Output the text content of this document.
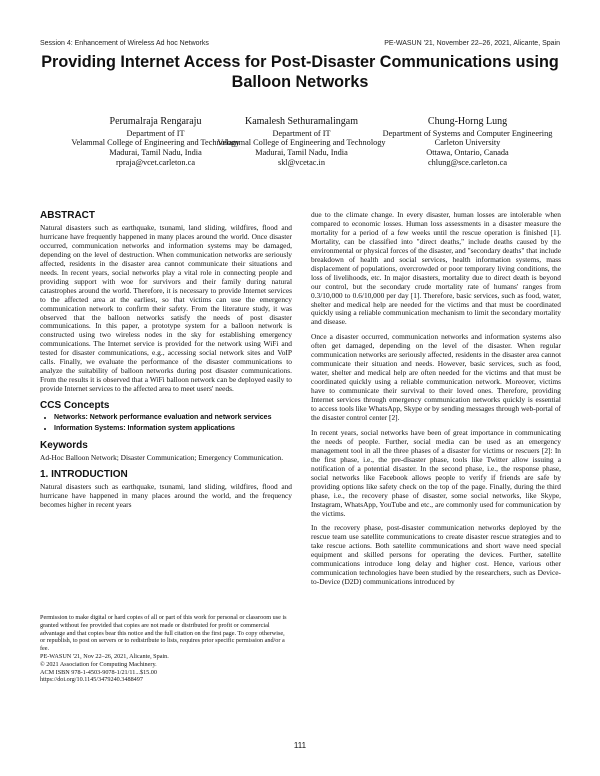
Session 4: Enhancement of Wireless Ad hoc Networks	PE-WASUN '21, November 22–26, 2021, Alicante, Spain
Providing Internet Access for Post-Disaster Communications using Balloon Networks
Perumalraja Rengaraju
Department of IT
Velammal College of Engineering and Technology
Madurai, Tamil Nadu, India
rpraja@vcet.carleton.ca
Kamalesh Sethuramalingam
Department of IT
Velammal College of Engineering and Technology
Madurai, Tamil Nadu, India
skl@vcetac.in
Chung-Horng Lung
Department of Systems and Computer Engineering
Carleton University
Ottawa, Ontario, Canada
chlung@sce.carleton.ca
ABSTRACT

Natural disasters such as earthquake, tsunami, land sliding, wildfires, flood and hurricane have frequently happened in many places around the world. Once disaster occurred, communication networks and information systems may be damaged, depending on the level of destruction. When communication networks are seriously affected, residents in the disaster area cannot communicate their situations and needs. In recent years, social networks play a vital role in connecting people and providing support with woe for survivors and their family during natural catastrophes around the world. Therefore, it is necessary to provide Internet services to the affected area at the earliest, so that victims can use the emergency communication network to confirm their safety. From the literature study, it was observed that the balloon networks satisfy the needs of post disaster communications. In this paper, a prototype system for a balloon network is constructed using two wireless nodes in the sky for establishing emergency communications. The Internet service is provided for the network using WiFi and tested for disaster communications, e.g., accessing social network sites and VoIP calls. Finally, we evaluate the performance of the disaster communications to analyze the suitability of balloon networks during post disaster communications. From the results it is observed that a WiFi balloon network can be deployed easily to provide Internet services to the affected area to meet users' needs.

CCS Concepts
• Networks: Network performance evaluation and network services
• Information Systems: Information system applications
Keywords

Ad-Hoc Balloon Network; Disaster Communication; Emergency Communication.

1. INTRODUCTION

Natural disasters such as earthquake, tsunami, land sliding, wildfires, flood and hurricane have happened in many places around the world, and the frequency becomes higher in recent years

Permission to make digital or hard copies of all or part of this work for personal or classroom use is granted without fee provided that copies are not made or distributed for profit or commercial advantage and that copies bear this notice and the full citation on the first page. To copy otherwise, or republish, to post on servers or to redistribute to lists, requires prior specific permission and/or a fee.
PE-WASUN '21, Nov 22–26, 2021, Alicante, Spain.
© 2021 Association for Computing Machinery.
ACM ISBN 978-1-4503-9078-1/21/11...$15.00
https://doi.org/10.1145/3479240.3488497

due to the climate change. In every disaster, human losses are intolerable when compared to economic losses. Human loss assessments in a disaster measure the mortality for a period of a few weeks until the rescue operation is finished [1]. Mortality, can be classified into "direct deaths," include deaths caused by the environmental or physical forces of the disaster, and "secondary deaths" that include breakdown of health and social services, health information systems, mass displacement of populations, overcrowded or poor temporary living conditions, the loss of livelihoods, etc. In major disasters, mortality due to direct death is beyond our control, but the secondary crude mortality rate of humans' ranges from 0.3/10,000 to 0.6/10,000 per day [1]. Therefore, basic services, such as food, water, shelter and medical help are needed for the victims and that must be coordinated quickly using a reliable communication mechanism to limit the secondary mortality and disease.

Once a disaster occurred, communication networks and information systems also often get damaged, depending on the level of the disaster. When regular communication networks are seriously affected, residents in the disaster area cannot communicate their situation and needs. However, basic services, such as food, water, shelter and medical help are often needed for the victims and that must be coordinated quickly using a reliable communication network. Moreover, victims have to communicate their survival to their loved ones. Therefore, providing Internet services through emergency communication networks quickly is essential to access tools like WhatsApp, Skype or by sending messages through web-portal of the disaster control center [2].

In recent years, social networks have been of great importance in communicating the needs of people. Further, social media can be used as an emergency management tool in all the three phases of a disaster for victims or rescuers [2]: In the first phase, i.e., the pre-disaster phase, tools like Twitter allow issuing a notification of a potential disaster. In the second phase, i.e., the response phase, social networks like Facebook allows people to verify if friends are safe by providing options like safety check on the top of the page. Finally, during the third phase, i.e., the recovery phase of disaster, some social networks, like Skype, Instagram, WhatsApp, YouTube and etc., are commonly used for communication by the victims.

In the recovery phase, post-disaster communication networks deployed by the rescue team use satellite communications to create disaster rescue strategies and to take rescue actions. Both satellite communications and short wave need special equipment and skilled persons for operating the devices. Further, satellite communications introduce long delay and higher cost. Hence, various other communication technologies have been studied by the researchers, such as Device-to-Device (D2D) communications introduced by

111
